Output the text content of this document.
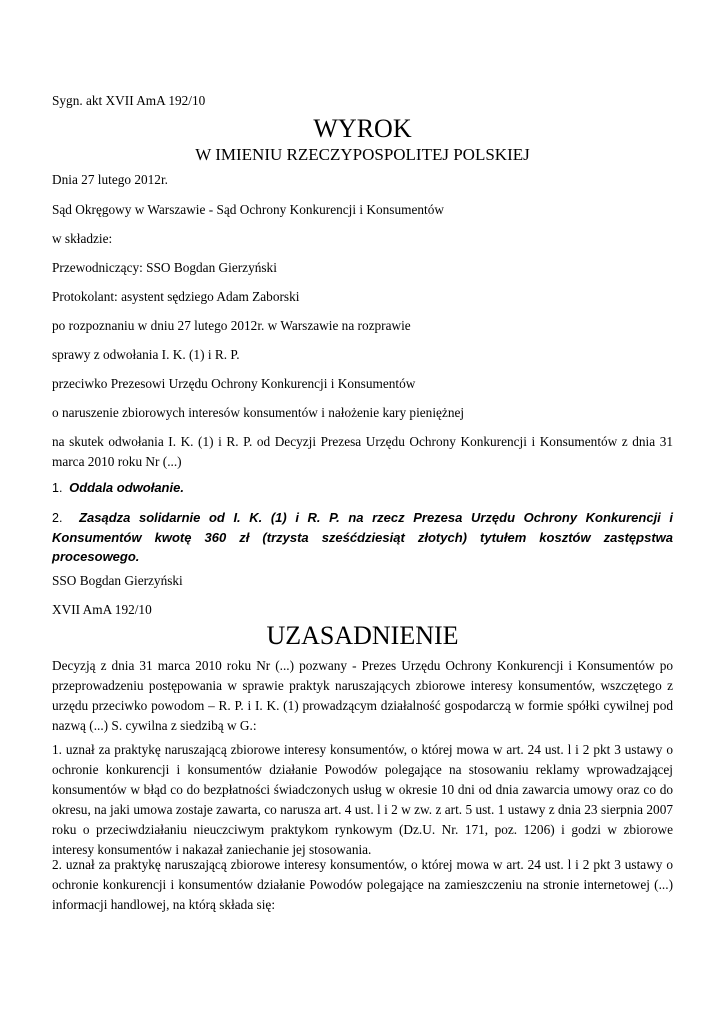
Sygn. akt XVII AmA 192/10
WYROK
W IMIENIU RZECZYPOSPOLITEJ POLSKIEJ
Dnia 27 lutego 2012r.
Sąd Okręgowy w Warszawie - Sąd Ochrony Konkurencji i Konsumentów
w składzie:
Przewodniczący: SSO Bogdan Gierzyński
Protokolant: asystent sędziego Adam Zaborski
po rozpoznaniu w dniu 27 lutego 2012r. w Warszawie na rozprawie
sprawy z odwołania I. K. (1) i R. P.
przeciwko Prezesowi Urzędu Ochrony Konkurencji i Konsumentów
o naruszenie zbiorowych interesów konsumentów i nałożenie kary pieniężnej
na skutek odwołania I. K. (1) i R. P. od Decyzji Prezesa Urzędu Ochrony Konkurencji i Konsumentów z dnia 31 marca 2010 roku Nr (...)
1. Oddala odwołanie.
2. Zasądza solidarnie od I. K. (1) i R. P. na rzecz Prezesa Urzędu Ochrony Konkurencji i Konsumentów kwotę 360 zł (trzysta sześćdziesiąt złotych) tytułem kosztów zastępstwa procesowego.
SSO Bogdan Gierzyński
XVII AmA 192/10
UZASADNIENIE
Decyzją z dnia 31 marca 2010 roku Nr (...) pozwany - Prezes Urzędu Ochrony Konkurencji i Konsumentów po przeprowadzeniu postępowania w sprawie praktyk naruszających zbiorowe interesy konsumentów, wszczętego z urzędu przeciwko powodom – R. P. i I. K. (1) prowadzącym działalność gospodarczą w formie spółki cywilnej pod nazwą (...) S. cywilna z siedzibą w G.:
1. uznał za praktykę naruszającą zbiorowe interesy konsumentów, o której mowa w art. 24 ust. l i 2 pkt 3 ustawy o ochronie konkurencji i konsumentów działanie Powodów polegające na stosowaniu reklamy wprowadzającej konsumentów w błąd co do bezpłatności świadczonych usług w okresie 10 dni od dnia zawarcia umowy oraz co do okresu, na jaki umowa zostaje zawarta, co narusza art. 4 ust. l i 2 w zw. z art. 5 ust. 1 ustawy z dnia 23 sierpnia 2007 roku o przeciwdziałaniu nieuczciwym praktykom rynkowym (Dz.U. Nr. 171, poz. 1206) i godzi w zbiorowe interesy konsumentów i nakazał zaniechanie jej stosowania.
2. uznał za praktykę naruszającą zbiorowe interesy konsumentów, o której mowa w art. 24 ust. l i 2 pkt 3 ustawy o ochronie konkurencji i konsumentów działanie Powodów polegające na zamieszczeniu na stronie internetowej (...) informacji handlowej, na którą składa się:
